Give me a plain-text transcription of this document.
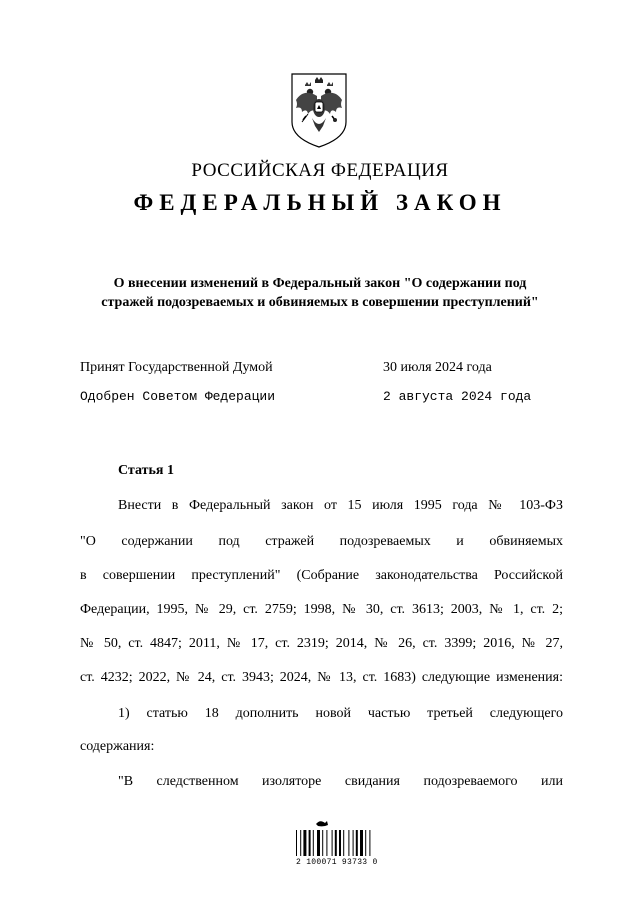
РОССИЙСКАЯ ФЕДЕРАЦИЯ
ФЕДЕРАЛЬНЫЙ ЗАКОН
О внесении изменений в Федеральный закон "О содержании под
стражей подозреваемых и обвиняемых в совершении преступлений"
Принят Государственной Думой	30 июля 2024 года
Одобрен Советом Федерации	2 августа 2024 года
Статья 1
Внести в Федеральный закон от 15 июля 1995 года № 103-ФЗ
"О содержании под стражей подозреваемых и обвиняемых
в совершении преступлений" (Собрание законодательства Российской
Федерации, 1995, № 29, ст. 2759; 1998, № 30, ст. 3613; 2003, № 1, ст. 2;
№ 50, ст. 4847; 2011, № 17, ст. 2319; 2014, № 26, ст. 3399; 2016, № 27,
ст. 4232; 2022, № 24, ст. 3943; 2024, № 13, ст. 1683) следующие изменения:
1) статью 18 дополнить новой частью третьей следующего
содержания:
"В следственном изоляторе свидания подозреваемого или
2 100071 93733 0
